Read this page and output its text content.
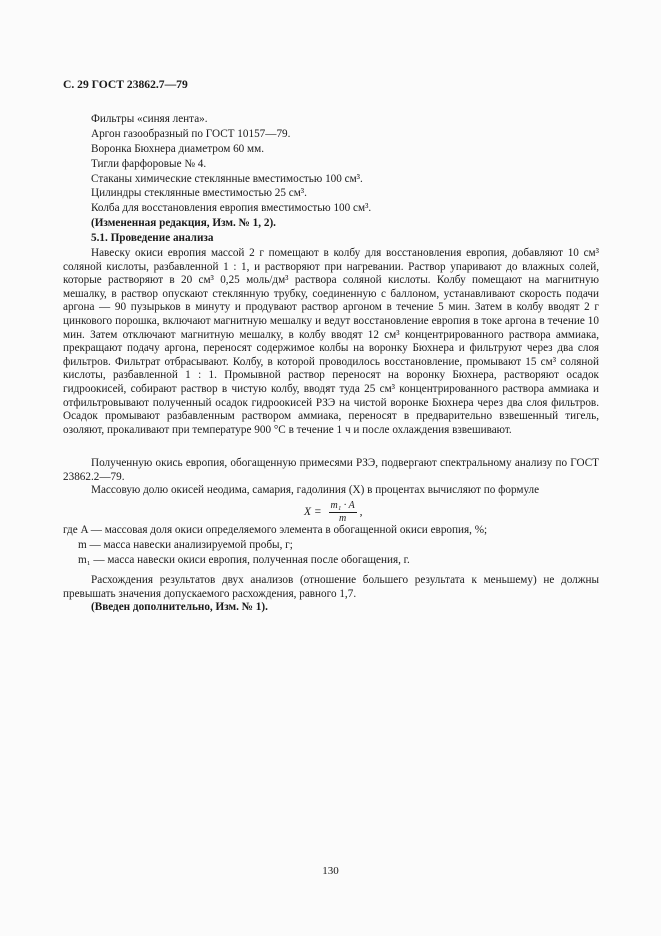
С. 29 ГОСТ 23862.7—79
Фильтры «синяя лента».
Аргон газообразный по ГОСТ 10157—79.
Воронка Бюхнера диаметром 60 мм.
Тигли фарфоровые № 4.
Стаканы химические стеклянные вместимостью 100 см³.
Цилиндры стеклянные вместимостью 25 см³.
Колба для восстановления европия вместимостью 100 см³.
(Измененная редакция, Изм. № 1, 2).
5.1. Проведение анализа

Навеску окиси европия массой 2 г помещают в колбу для восстановления европия, добавляют 10 см³ соляной кислоты, разбавленной 1 : 1, и растворяют при нагревании. Раствор упаривают до влажных солей, которые растворяют в 20 см³ 0,25 моль/дм³ раствора соляной кислоты. Колбу помещают на магнитную мешалку, в раствор опускают стеклянную трубку, соединенную с баллоном, устанавливают скорость подачи аргона — 90 пузырьков в минуту и продувают раствор аргоном в течение 5 мин. Затем в колбу вводят 2 г цинкового порошка, включают магнитную мешалку и ведут восстановление европия в токе аргона в течение 10 мин. Затем отключают магнитную мешалку, в колбу вводят 12 см³ концентрированного раствора аммиака, прекращают подачу аргона, переносят содержимое колбы на воронку Бюхнера и фильтруют через два слоя фильтров. Фильтрат отбрасывают. Колбу, в которой проводилось восстановление, промывают 15 см³ соляной кислоты, разбавленной 1 : 1. Промывной раствор переносят на воронку Бюхнера, растворяют осадок гидроокисей, собирают раствор в чистую колбу, вводят туда 25 см³ концентрированного раствора аммиака и отфильтровывают полученный осадок гидроокисей РЗЭ на чистой воронке Бюхнера через два слоя фильтров. Осадок промывают разбавленным раствором аммиака, переносят в предварительно взвешенный тигель, озоляют, прокаливают при температуре 900 °С в течение 1 ч и после охлаждения взвешивают.

Полученную окись европия, обогащенную примесями РЗЭ, подвергают спектральному анализу по ГОСТ 23862.2—79.

Массовую долю окисей неодима, самария, гадолиния (X) в процентах вычисляют по формуле

$X = \frac{\text{m₁ · A}}{m}$ ,
где A — массовая доля окиси определяемого элемента в обогащенной окиси европия, %;
m — масса навески анализируемой пробы, г;
m₁ — масса навески окиси европия, полученная после обогащения, г.

Расхождения результатов двух анализов (отношение большего результата к меньшему) не должны превышать значения допускаемого расхождения, равного 1,7.

(Введен дополнительно, Изм. № 1).

130
